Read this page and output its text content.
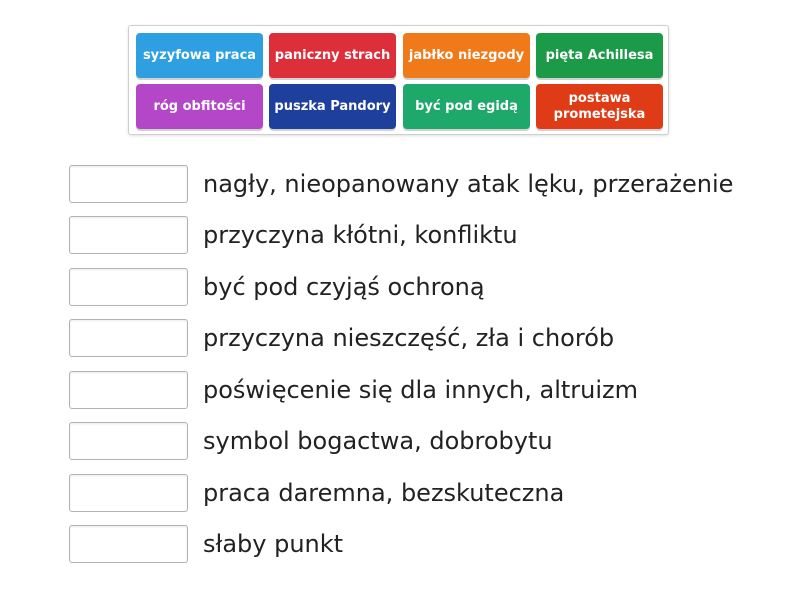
syzyfowa praca	paniczny strach	jabłko niezgody	pięta Achillesa
róg obfitości	puszka Pandory	być pod egidą
postawa
prometejska
nagły, nieopanowany atak lęku, przerażenie
przyczyna kłótni, konfliktu
być pod czyjąś ochroną
przyczyna nieszczęść, zła i chorób
poświęcenie się dla innych, altruizm
symbol bogactwa, dobrobytu
praca daremna, bezskuteczna
słaby punkt
